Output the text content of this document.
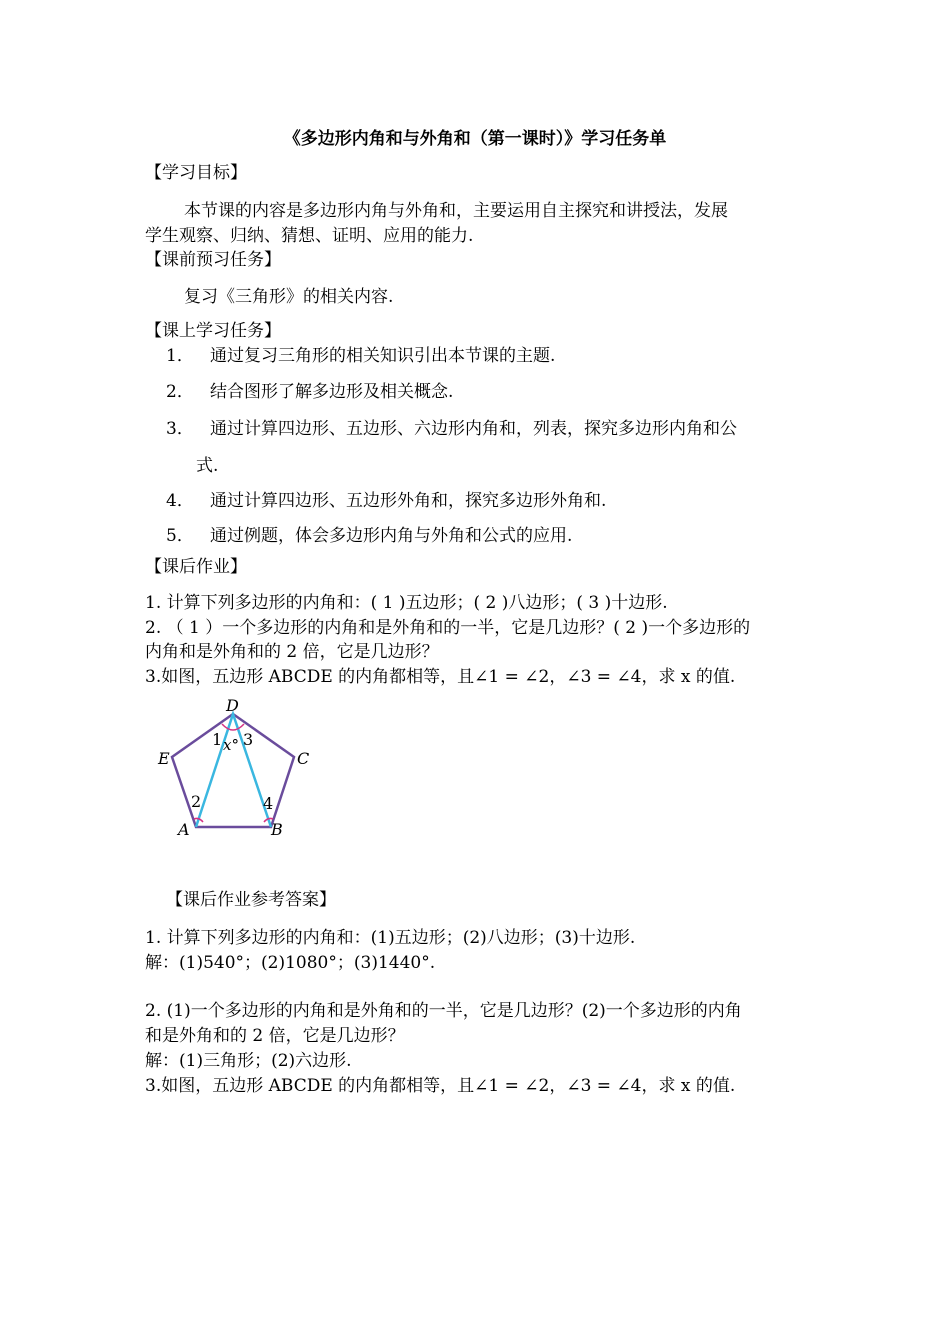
《多边形内角和与外角和（第一课时）》学习任务单
【学习目标】
本节课的内容是多边形内角与外角和，主要运用自主探究和讲授法，发展
学生观察、归纳、猜想、证明、应用的能力.
【课前预习任务】
复习《三角形》的相关内容.
【课上学习任务】
1． 通过复习三角形的相关知识引出本节课的主题.
2． 结合图形了解多边形及相关概念.
3． 通过计算四边形、五边形、六边形内角和，列表，探究多边形内角和公
式.
4． 通过计算四边形、五边形外角和，探究多边形外角和.
5． 通过例题，体会多边形内角与外角和公式的应用.
【课后作业】
1. 计算下列多边形的内角和：( 1 )五边形；( 2 )八边形；( 3 )十边形.
2. （ 1 ）一个多边形的内角和是外角和的一半，它是几边形？( 2 )一个多边形的
内角和是外角和的 2 倍，它是几边形？
3.如图，五边形 ABCDE 的内角都相等，且∠1 = ∠2，∠3 = ∠4，求 x 的值.
D
E	C
A	B
1 x° 3
2	4
【课后作业参考答案】
1. 计算下列多边形的内角和：(1)五边形；(2)八边形；(3)十边形.
解：(1)540°；(2)1080°；(3)1440°.
2. (1)一个多边形的内角和是外角和的一半，它是几边形？(2)一个多边形的内角
和是外角和的 2 倍，它是几边形？
解：(1)三角形；(2)六边形.
3.如图，五边形 ABCDE 的内角都相等，且∠1 = ∠2，∠3 = ∠4，求 x 的值.
